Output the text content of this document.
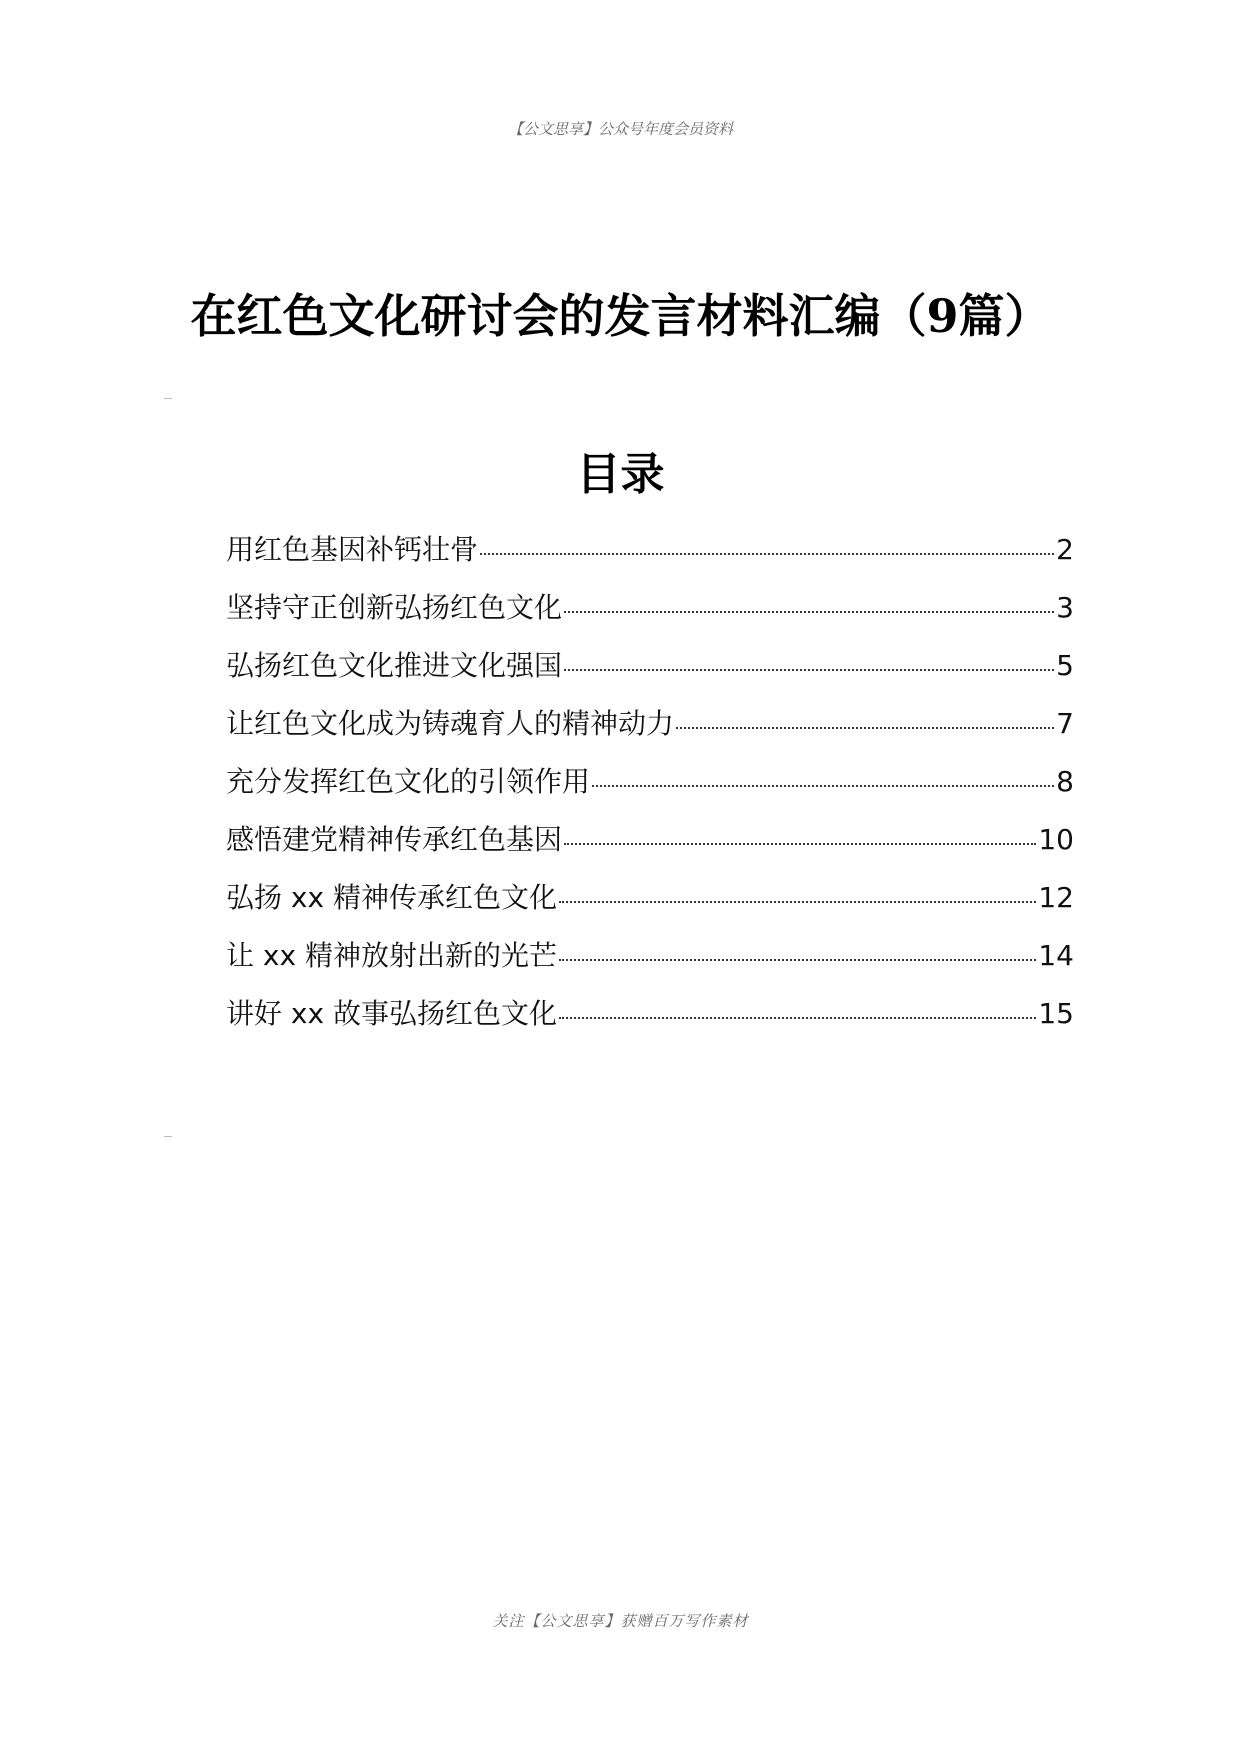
【公文思享】公众号年度会员资料
在红色文化研讨会的发言材料汇编（9篇）
目录
用红色基因补钙壮骨	2
坚持守正创新弘扬红色文化	3
弘扬红色文化推进文化强国	5
让红色文化成为铸魂育人的精神动力	7
充分发挥红色文化的引领作用	8
感悟建党精神传承红色基因	10
弘扬 xx 精神传承红色文化	12
让 xx 精神放射出新的光芒	14
讲好 xx 故事弘扬红色文化	15
关注【公文思享】获赠百万写作素材
